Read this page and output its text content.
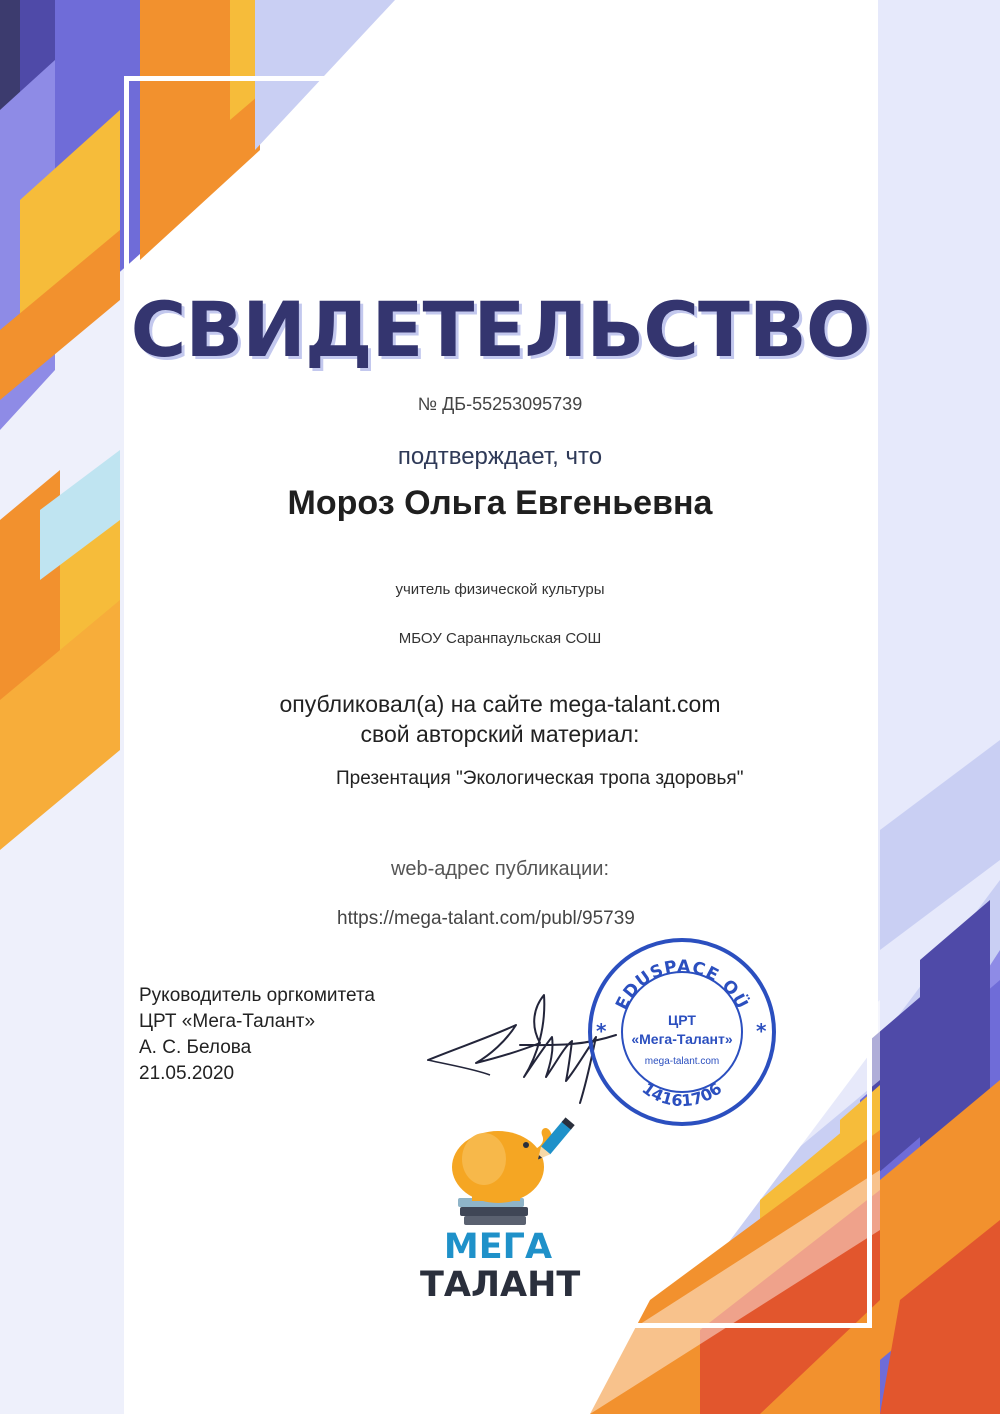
СВИДЕТЕЛЬСТВО
№ ДБ-55253095739
подтверждает, что
Мороз Ольга Евгеньевна
учитель физической культуры
МБОУ Саранпаульская СОШ
опубликовал(а) на сайте mega-talant.com
свой авторский материал:
Презентация "Экологическая тропа здоровья"
web-адрес публикации:
https://mega-talant.com/publ/95739
Руководитель оргкомитета
ЦРТ «Мега-Талант»
А. С. Белова
21.05.2020
EDUSPACE OÜ
*	*
ЦРТ
«Мега-Талант»
mega-talant.com
14161706
МЕГА
ТАЛАНТ
